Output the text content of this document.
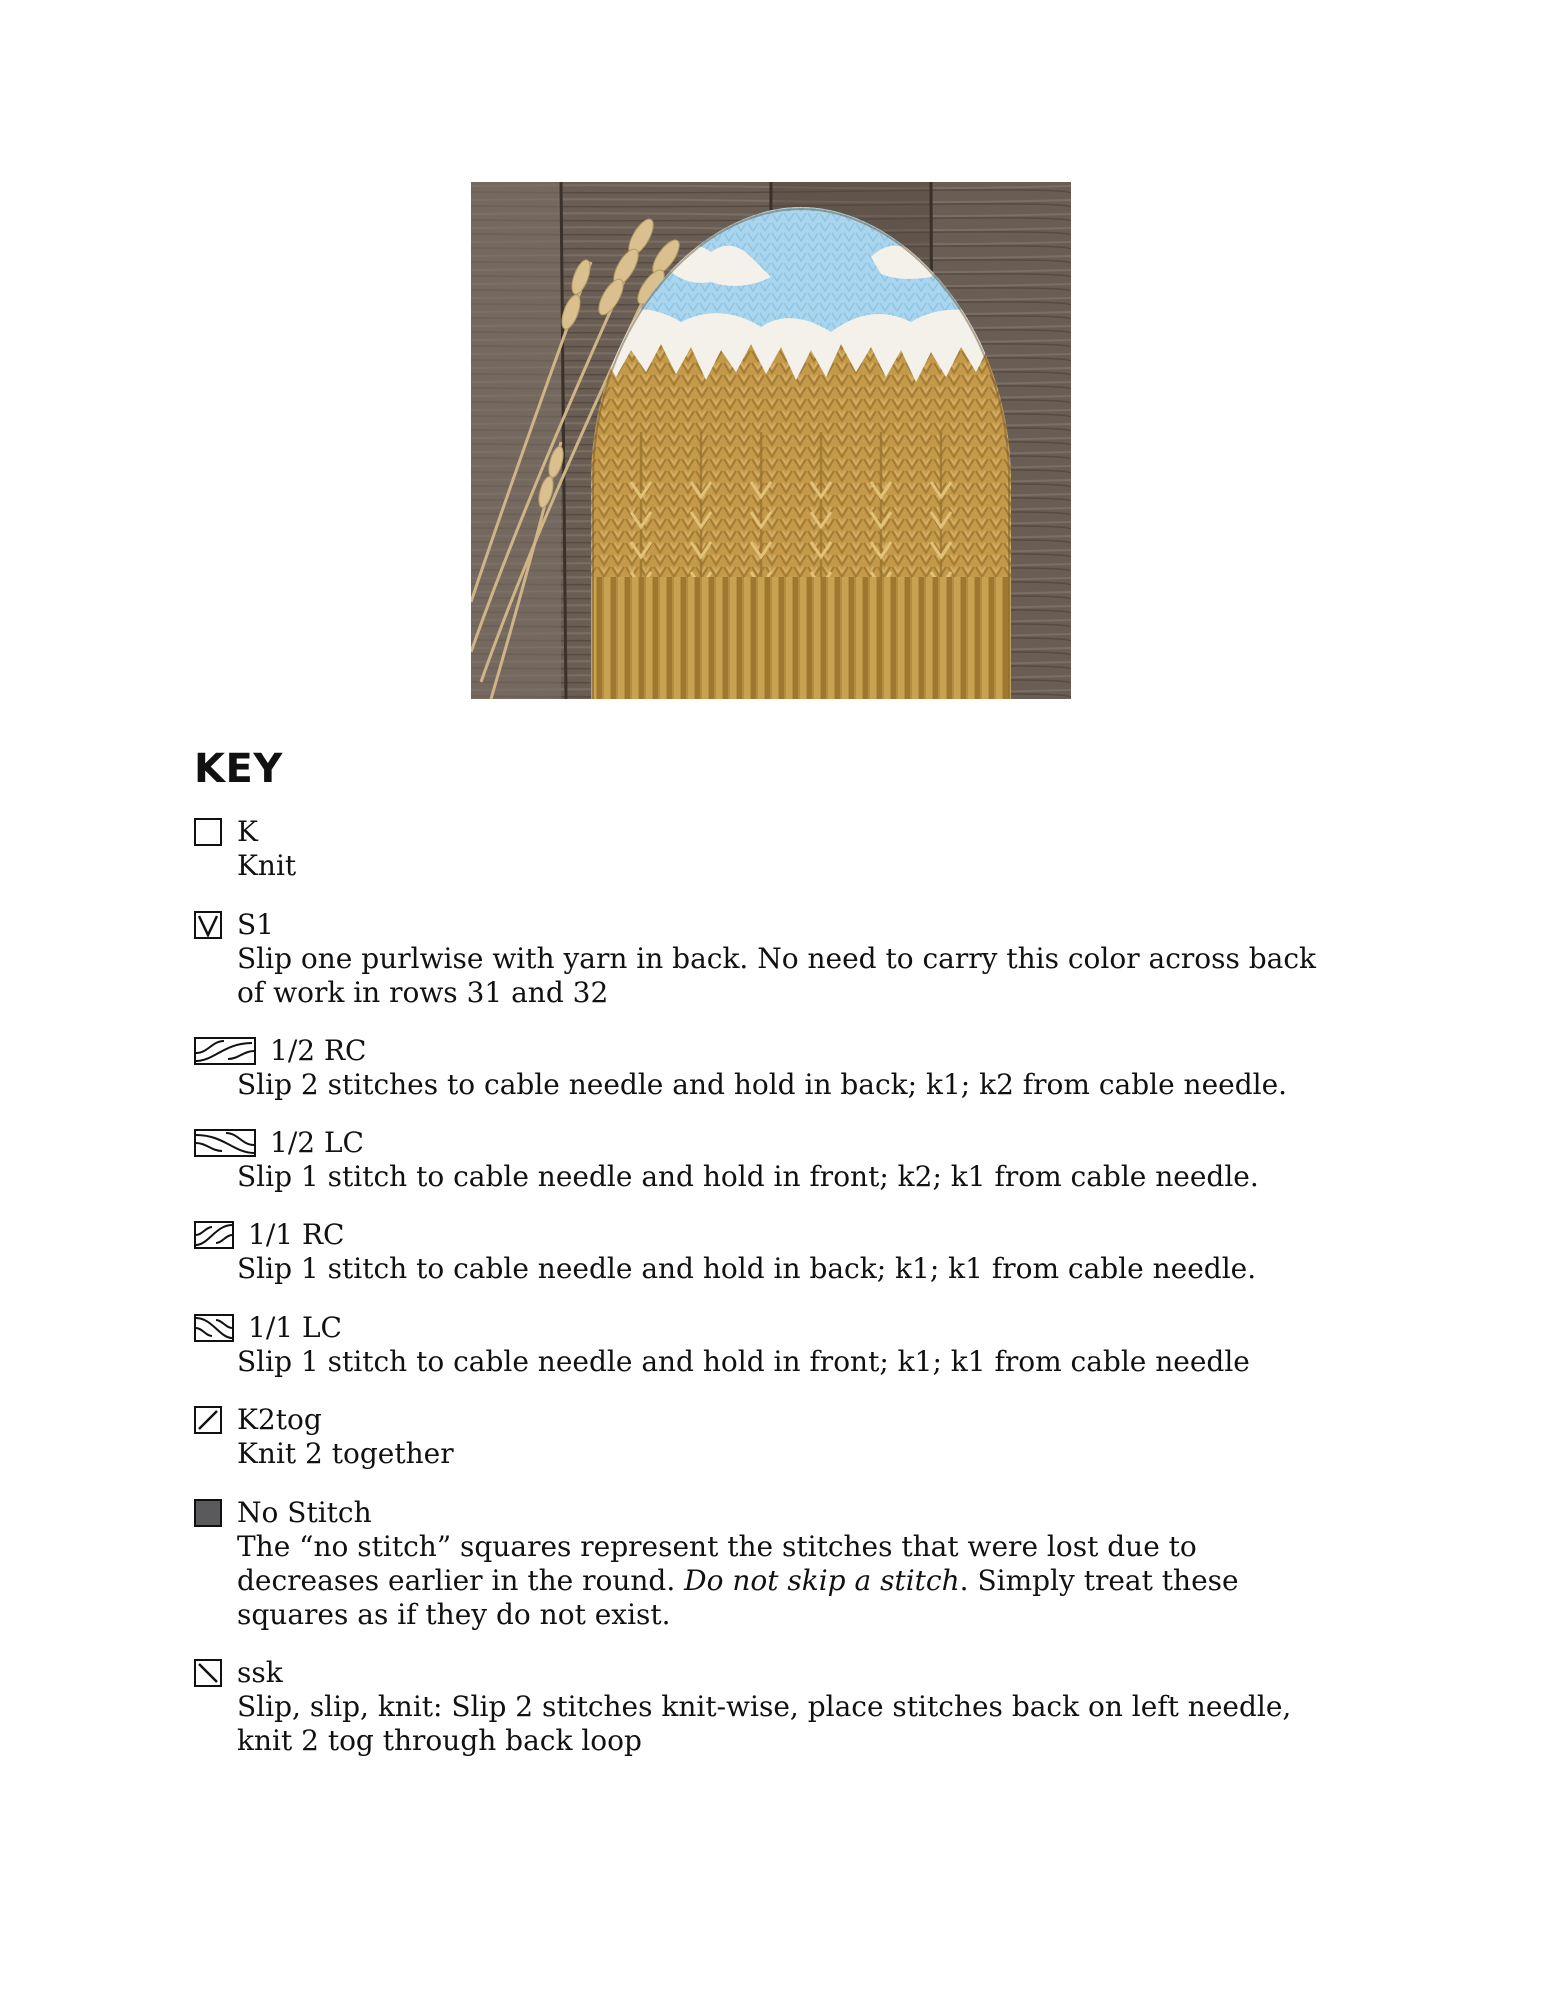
KEY
K
Knit
S1
Slip one purlwise with yarn in back. No need to carry this color across back of work in rows 31 and 32
1/2 RC
Slip 2 stitches to cable needle and hold in back; k1; k2 from cable needle.
1/2 LC
Slip 1 stitch to cable needle and hold in front; k2; k1 from cable needle.
1/1 RC
Slip 1 stitch to cable needle and hold in back; k1; k1 from cable needle.
1/1 LC
Slip 1 stitch to cable needle and hold in front; k1; k1 from cable needle
K2tog
Knit 2 together
No Stitch
The “no stitch” squares represent the stitches that were lost due to decreases earlier in the round. Do not skip a stitch. Simply treat these squares as if they do not exist.
ssk
Slip, slip, knit: Slip 2 stitches knit-wise, place stitches back on left needle, knit 2 tog through back loop
